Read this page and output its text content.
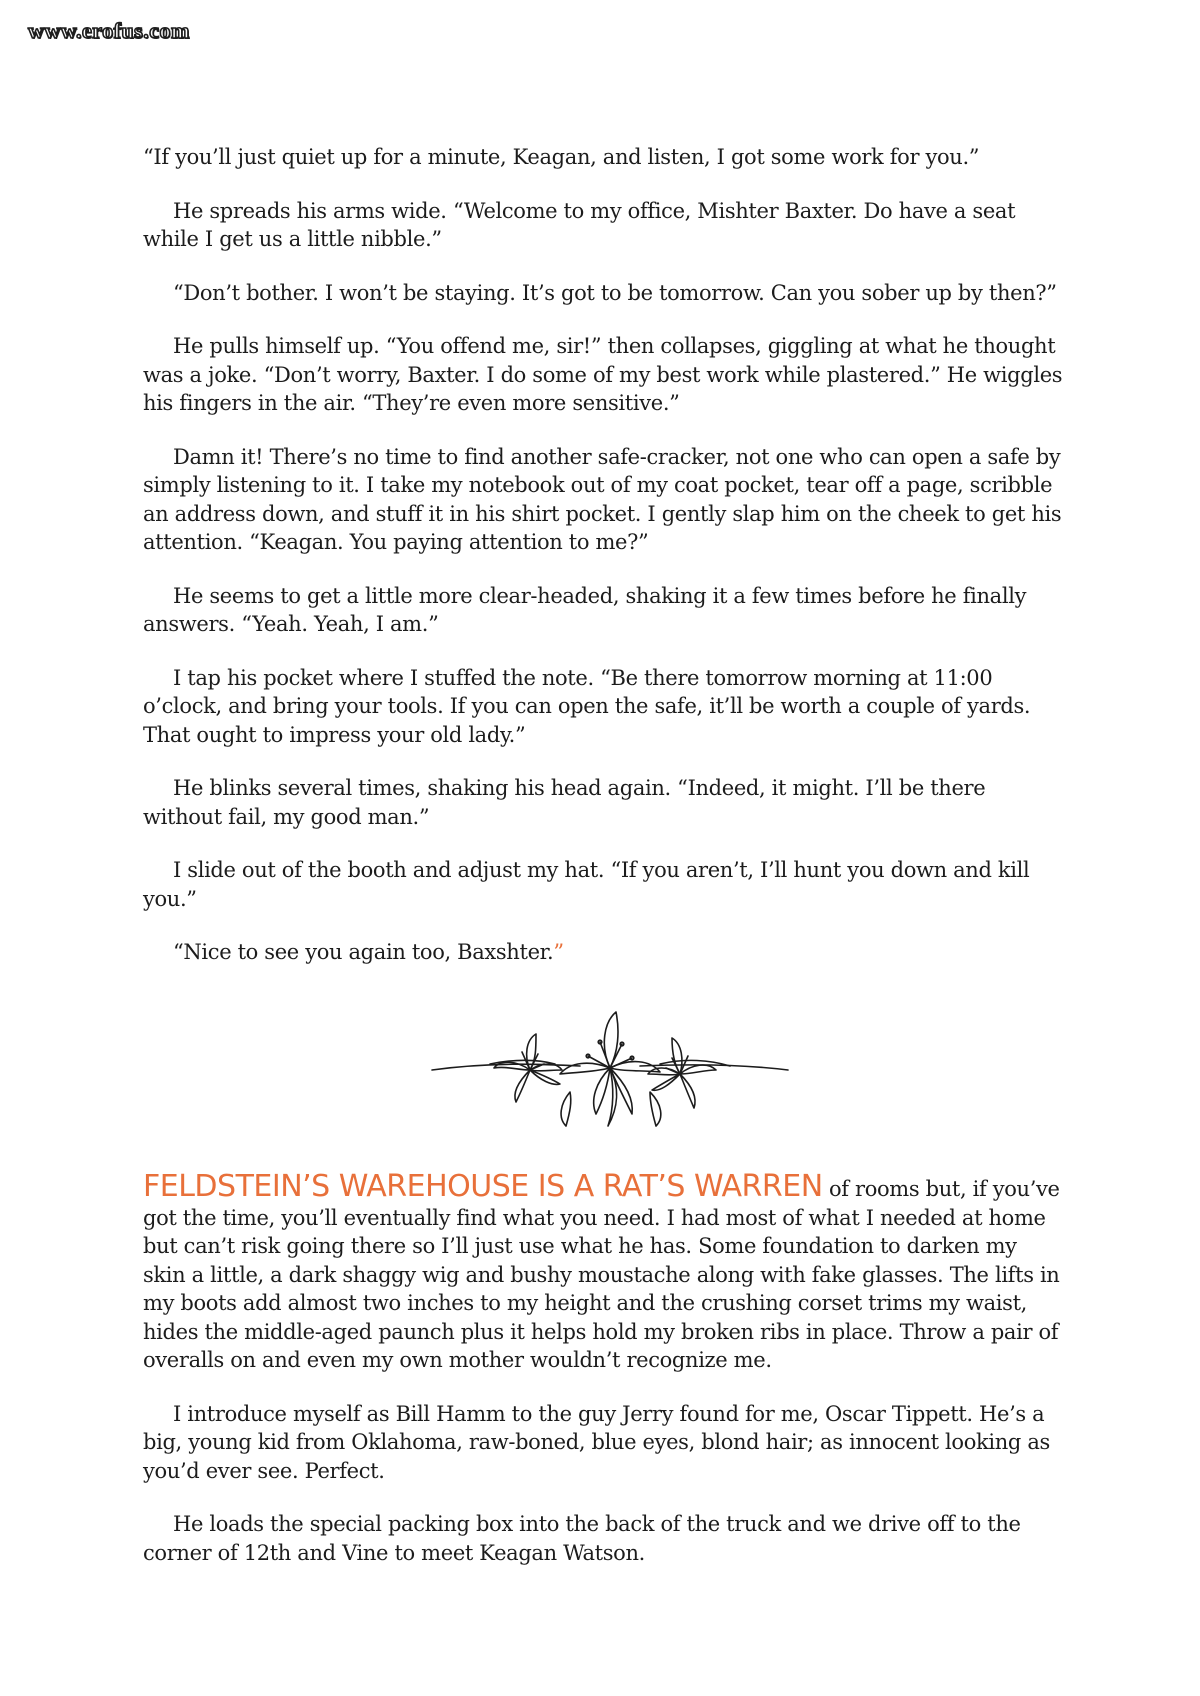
www.erofus.com

“If you’ll just quiet up for a minute, Keagan, and listen, I got some work for you.”

He spreads his arms wide. “Welcome to my office, Mishter Baxter. Do have a seat while I get us a little nibble.”

“Don’t bother. I won’t be staying. It’s got to be tomorrow. Can you sober up by then?”

He pulls himself up. “You offend me, sir!” then collapses, giggling at what he thought was a joke. “Don’t worry, Baxter. I do some of my best work while plastered.” He wiggles his fingers in the air. “They’re even more sensitive.”

Damn it! There’s no time to find another safe-cracker, not one who can open a safe by simply listening to it. I take my notebook out of my coat pocket, tear off a page, scribble an address down, and stuff it in his shirt pocket. I gently slap him on the cheek to get his attention. “Keagan. You paying attention to me?”

He seems to get a little more clear-headed, shaking it a few times before he finally answers. “Yeah. Yeah, I am.”

I tap his pocket where I stuffed the note. “Be there tomorrow morning at 11:00 o’clock, and bring your tools. If you can open the safe, it’ll be worth a couple of yards. That ought to impress your old lady.”

He blinks several times, shaking his head again. “Indeed, it might. I’ll be there without fail, my good man.”

I slide out of the booth and adjust my hat. “If you aren’t, I’ll hunt you down and kill you.”

“Nice to see you again too, Baxshter.”

FELDSTEIN’S WAREHOUSE IS A RAT’S WARREN of rooms but, if you’ve got the time, you’ll eventually find what you need. I had most of what I needed at home but can’t risk going there so I’ll just use what he has. Some foundation to darken my skin a little, a dark shaggy wig and bushy moustache along with fake glasses. The lifts in my boots add almost two inches to my height and the crushing corset trims my waist, hides the middle-aged paunch plus it helps hold my broken ribs in place. Throw a pair of overalls on and even my own mother wouldn’t recognize me.

I introduce myself as Bill Hamm to the guy Jerry found for me, Oscar Tippett. He’s a big, young kid from Oklahoma, raw-boned, blue eyes, blond hair; as innocent looking as you’d ever see. Perfect.

He loads the special packing box into the back of the truck and we drive off to the corner of 12th and Vine to meet Keagan Watson.
